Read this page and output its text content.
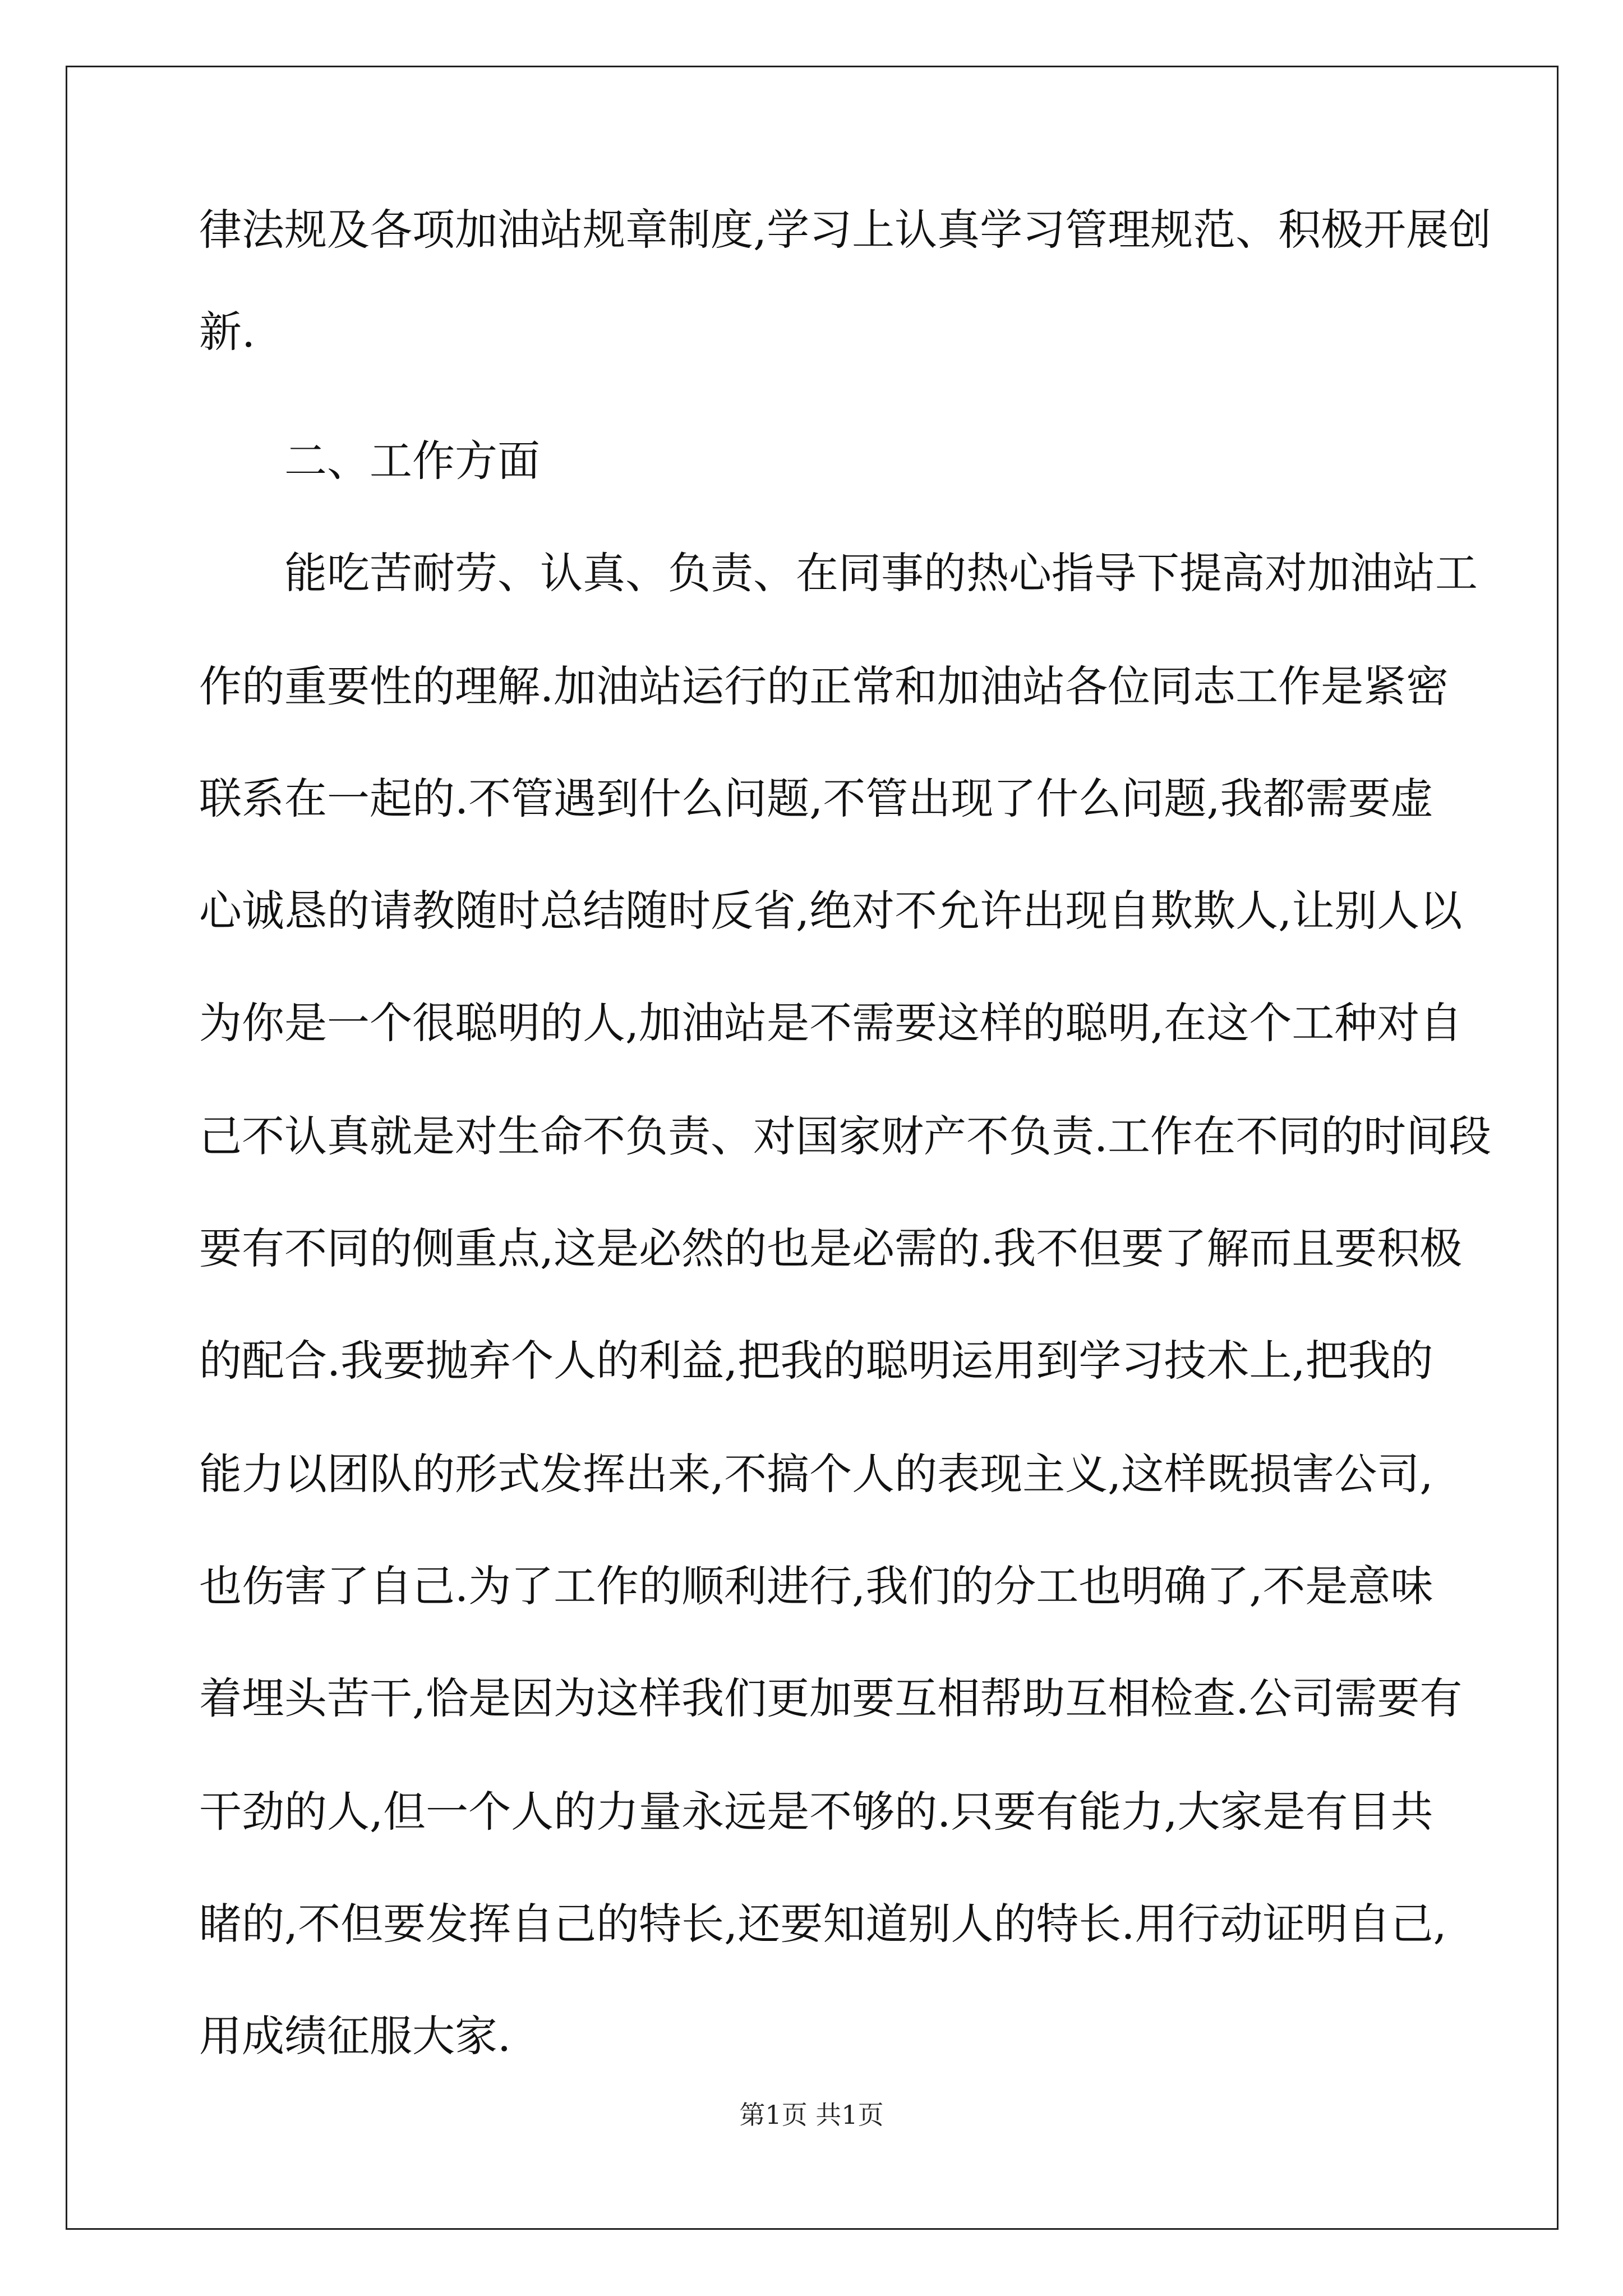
律法规及各项加油站规章制度,学习上认真学习管理规范、积极开展创
新.
二、工作方面
能吃苦耐劳、认真、负责、在同事的热心指导下提高对加油站工
作的重要性的理解.加油站运行的正常和加油站各位同志工作是紧密
联系在一起的.不管遇到什么问题,不管出现了什么问题,我都需要虚
心诚恳的请教随时总结随时反省,绝对不允许出现自欺欺人,让别人以
为你是一个很聪明的人,加油站是不需要这样的聪明,在这个工种对自
己不认真就是对生命不负责、对国家财产不负责.工作在不同的时间段
要有不同的侧重点,这是必然的也是必需的.我不但要了解而且要积极
的配合.我要抛弃个人的利益,把我的聪明运用到学习技术上,把我的
能力以团队的形式发挥出来,不搞个人的表现主义,这样既损害公司,
也伤害了自己.为了工作的顺利进行,我们的分工也明确了,不是意味
着埋头苦干,恰是因为这样我们更加要互相帮助互相检查.公司需要有
干劲的人,但一个人的力量永远是不够的.只要有能力,大家是有目共
睹的,不但要发挥自己的特长,还要知道别人的特长.用行动证明自己,
用成绩征服大家.
第1页 共1页
